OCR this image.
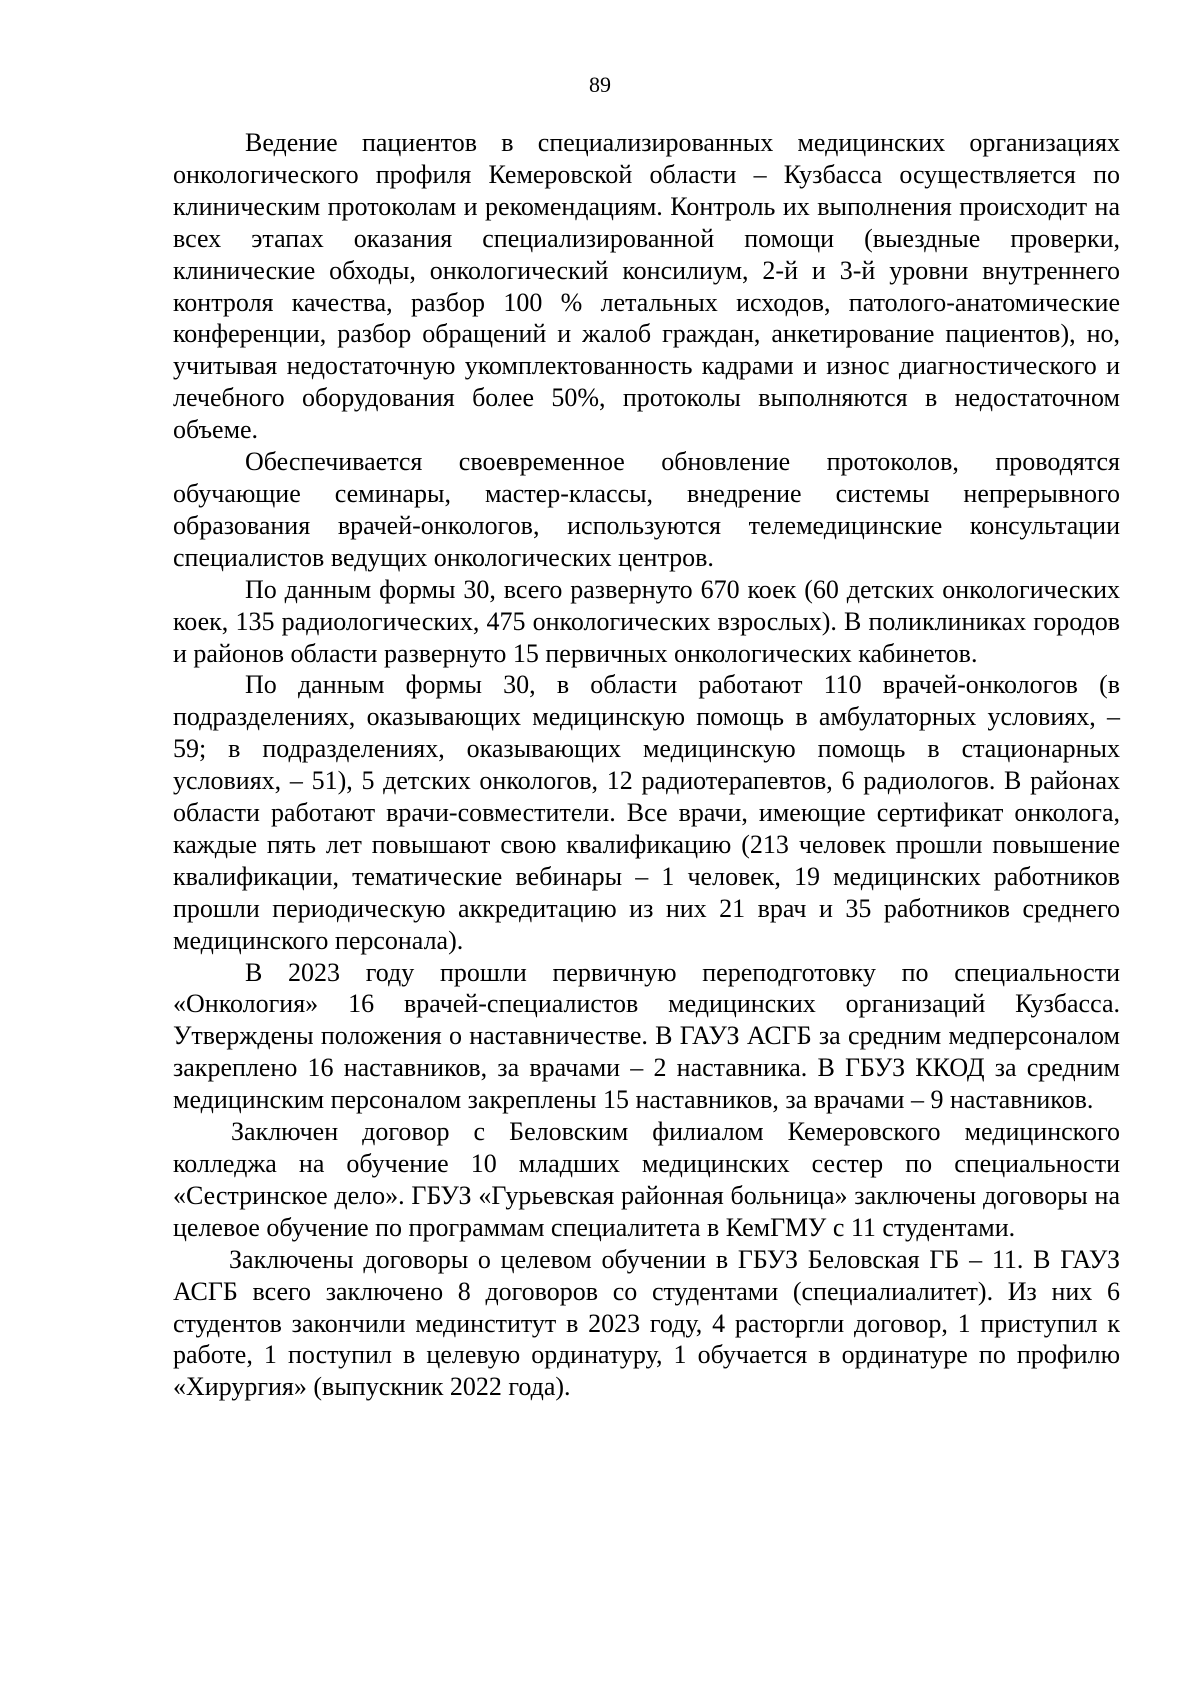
89

Ведение пациентов в специализированных медицинских организациях онкологического профиля Кемеровской области – Кузбасса осуществляется по клиническим протоколам и рекомендациям. Контроль их выполнения происходит на всех этапах оказания специализированной помощи (выездные проверки, клинические обходы, онкологический консилиум, 2-й и 3-й уровни внутреннего контроля качества, разбор 100 % летальных исходов, патолого-анатомические конференции, разбор обращений и жалоб граждан, анкетирование пациентов), но, учитывая недостаточную укомплектованность кадрами и износ диагностического и лечебного оборудования более 50%, протоколы выполняются в недостаточном объеме.

Обеспечивается своевременное обновление протоколов, проводятся обучающие семинары, мастер-классы, внедрение системы непрерывного образования врачей-онкологов, используются телемедицинские консультации специалистов ведущих онкологических центров.

По данным формы 30, всего развернуто 670 коек (60 детских онкологических коек, 135 радиологических, 475 онкологических взрослых). В поликлиниках городов и районов области развернуто 15 первичных онкологических кабинетов.

По данным формы 30, в области работают 110 врачей-онкологов (в подразделениях, оказывающих медицинскую помощь в амбулаторных условиях, – 59; в подразделениях, оказывающих медицинскую помощь в стационарных условиях, – 51), 5 детских онкологов, 12 радиотерапевтов, 6 радиологов. В районах области работают врачи-совместители. Все врачи, имеющие сертификат онколога, каждые пять лет повышают свою квалификацию (213 человек прошли повышение квалификации, тематические вебинары – 1 человек, 19 медицинских работников прошли периодическую аккредитацию из них 21 врач и 35 работников среднего медицинского персонала).

В 2023 году прошли первичную переподготовку по специальности «Онкология» 16 врачей-специалистов медицинских организаций Кузбасса. Утверждены положения о наставничестве. В ГАУЗ АСГБ за средним медперсоналом закреплено 16 наставников, за врачами – 2 наставника. В ГБУЗ ККОД за средним медицинским персоналом закреплены 15 наставников, за врачами – 9 наставников.

Заключен договор с Беловским филиалом Кемеровского медицинского колледжа на обучение 10 младших медицинских сестер по специальности «Сестринское дело». ГБУЗ «Гурьевская районная больница» заключены договоры на целевое обучение по программам специалитета в КемГМУ с 11 студентами.

Заключены договоры о целевом обучении в ГБУЗ Беловская ГБ – 11. В ГАУЗ АСГБ всего заключено 8 договоров со студентами (специалиалитет). Из них 6 студентов закончили мединститут в 2023 году, 4 расторгли договор, 1 приступил к работе, 1 поступил в целевую ординатуру, 1 обучается в ординатуре по профилю «Хирургия» (выпускник 2022 года).
